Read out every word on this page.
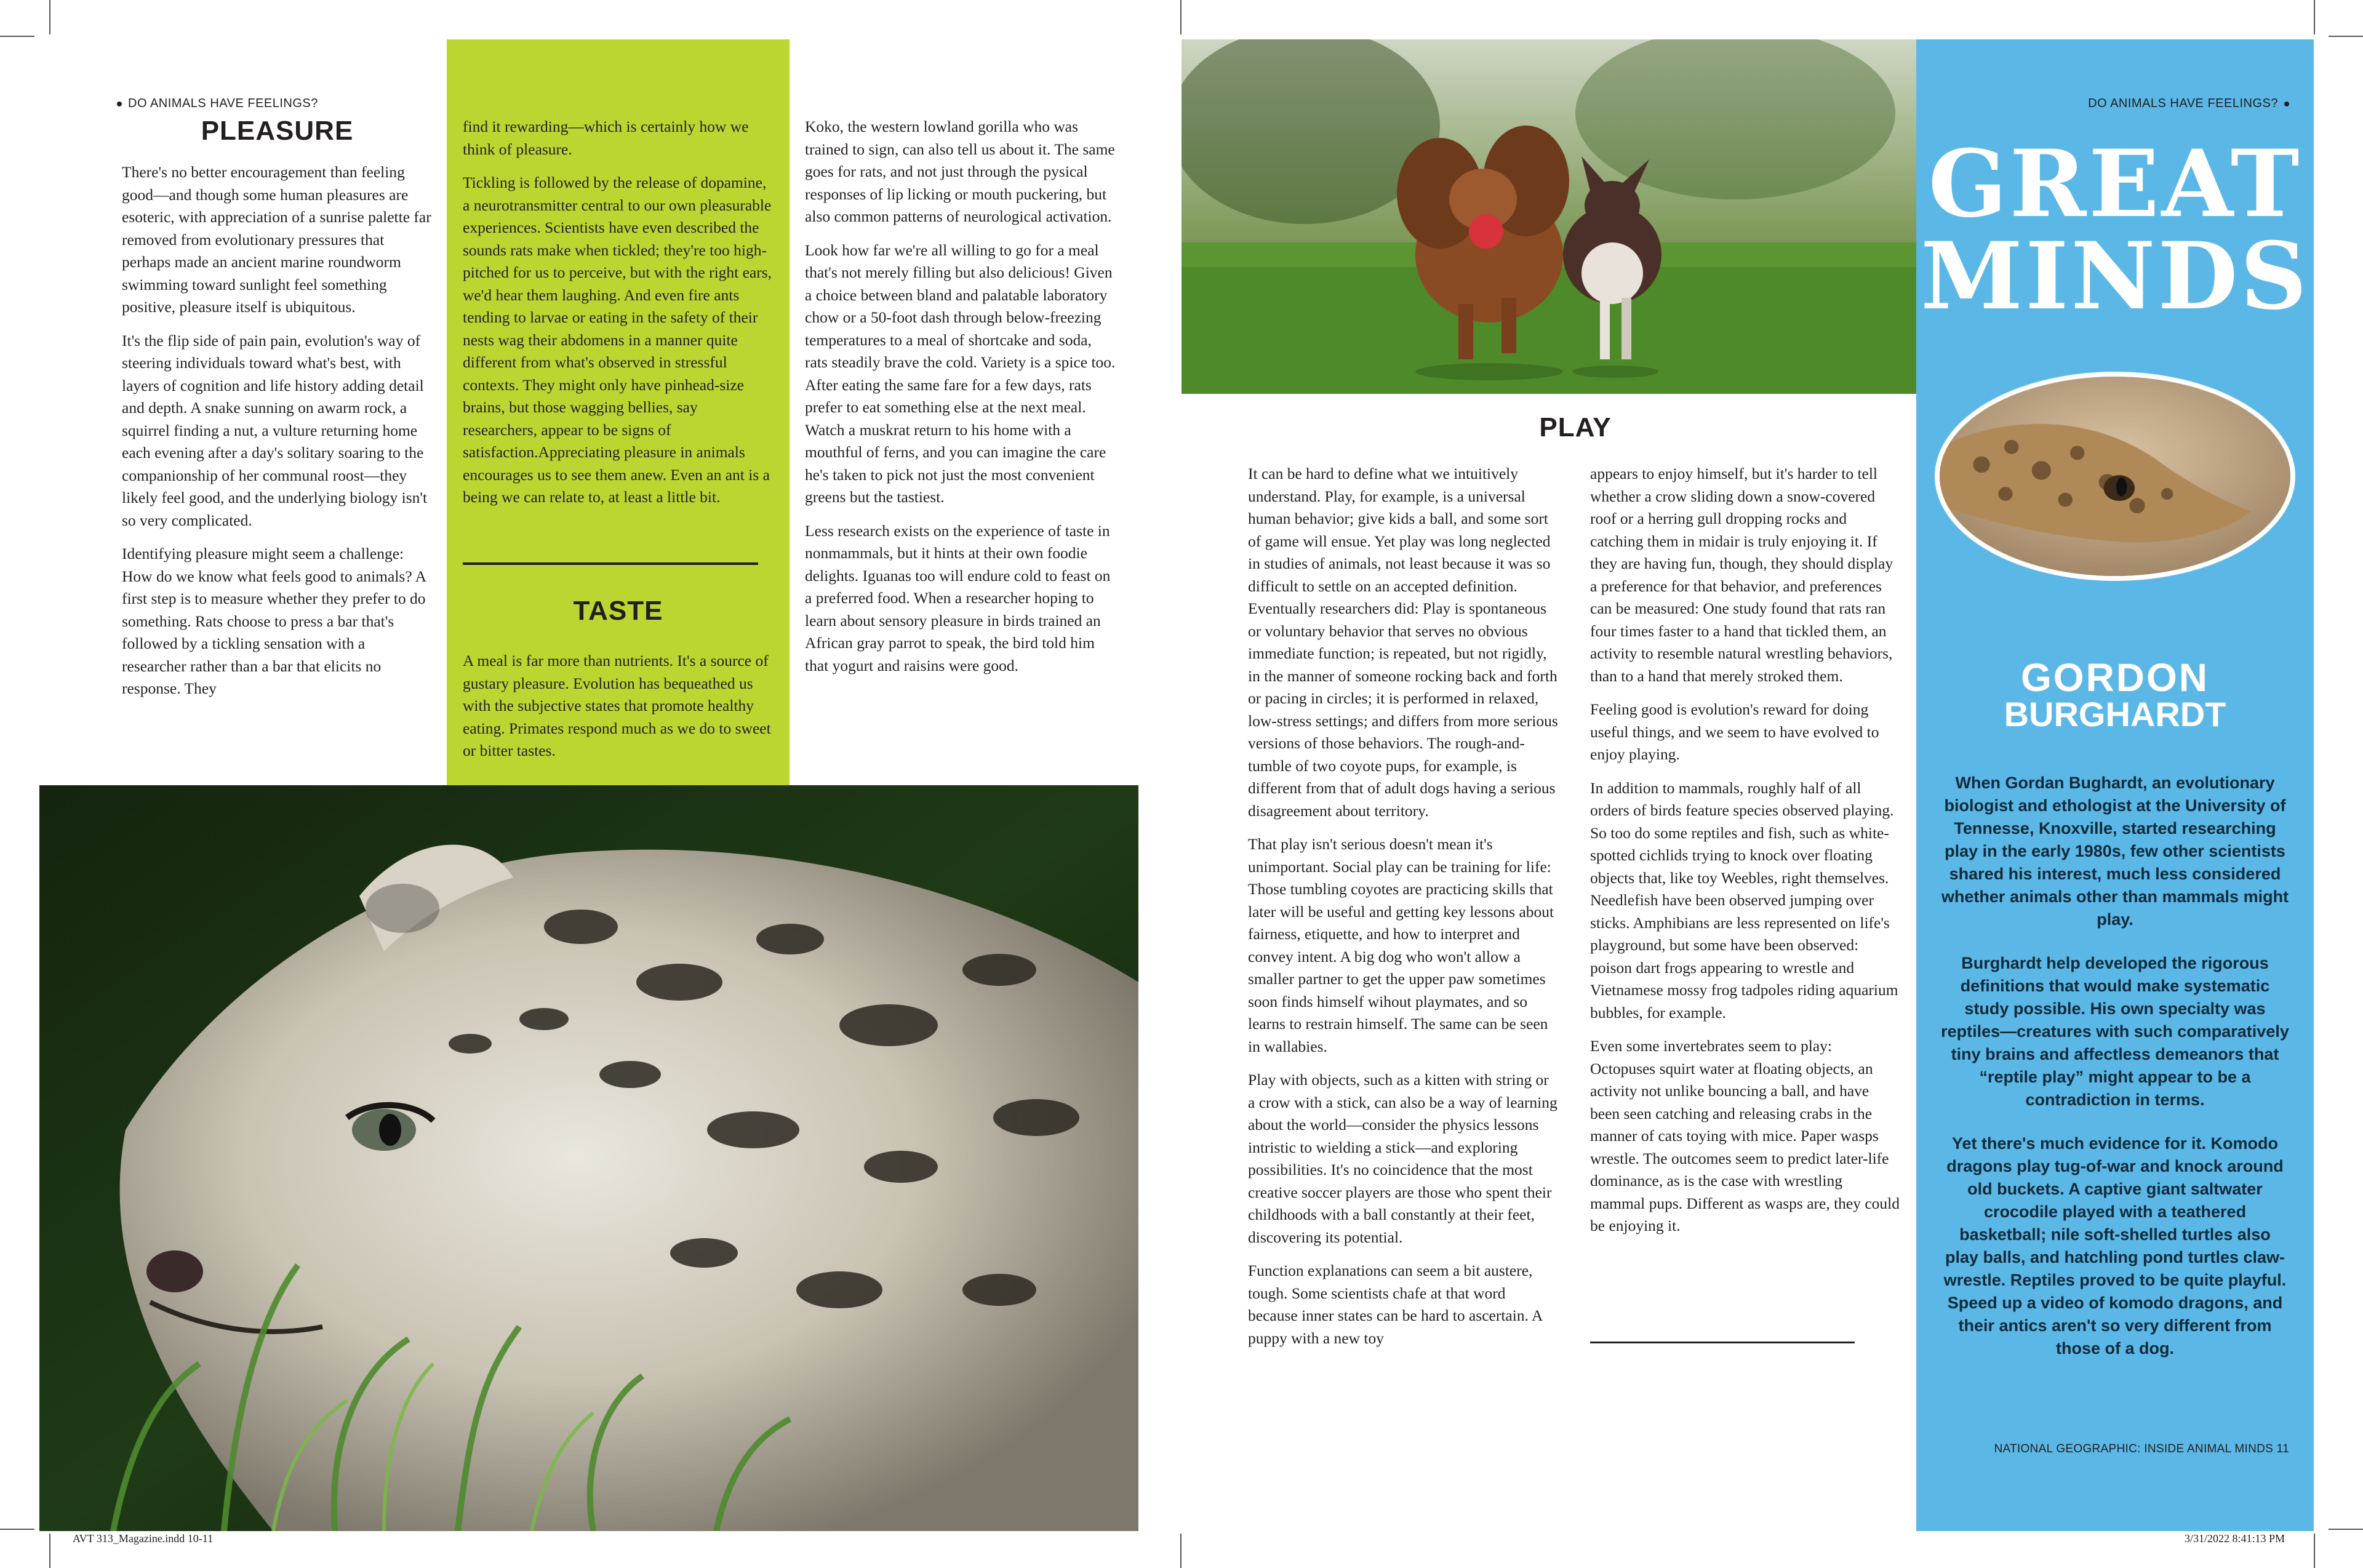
DO ANIMALS HAVE FEELINGS?
PLEASURE

There's no better encouragement than feeling good—and though some human pleasures are esoteric, with appreciation of a sunrise palette far removed from evolutionary pressures that perhaps made an ancient marine roundworm swimming toward sunlight feel something positive, pleasure itself is ubiquitous.

It's the flip side of pain pain, evolution's way of steering individuals toward what's best, with layers of cognition and life history adding detail and depth. A snake sunning on awarm rock, a squirrel finding a nut, a vulture returning home each evening after a day's solitary soaring to the companionship of her communal roost—they likely feel good, and the underlying biology isn't so very complicated.

Identifying pleasure might seem a challenge: How do we know what feels good to animals? A first step is to measure whether they prefer to do something. Rats choose to press a bar that's followed by a tickling sensation with a researcher rather than a bar that elicits no response. They

find it rewarding—which is certainly how we think of pleasure.

Tickling is followed by the release of dopamine, a neurotransmitter central to our own pleasurable experiences. Scientists have even described the sounds rats make when tickled; they're too high-pitched for us to perceive, but with the right ears, we'd hear them laughing. And even fire ants tending to larvae or eating in the safety of their nests wag their abdomens in a manner quite different from what's observed in stressful contexts. They might only have pinhead-size brains, but those wagging bellies, say researchers, appear to be signs of satisfaction.Appreciating pleasure in animals encourages us to see them anew. Even an ant is a being we can relate to, at least a little bit.

TASTE

A meal is far more than nutrients. It's a source of gustary pleasure. Evolution has bequeathed us with the subjective states that promote healthy eating. Primates respond much as we do to sweet or bitter tastes.

Koko, the western lowland gorilla who was trained to sign, can also tell us about it. The same goes for rats, and not just through the pysical responses of lip licking or mouth puckering, but also common patterns of neurological activation.

Look how far we're all willing to go for a meal that's not merely filling but also delicious! Given a choice between bland and palatable laboratory chow or a 50-foot dash through below-freezing temperatures to a meal of shortcake and soda, rats steadily brave the cold. Variety is a spice too. After eating the same fare for a few days, rats prefer to eat something else at the next meal. Watch a muskrat return to his home with a mouthful of ferns, and you can imagine the care he's taken to pick not just the most convenient greens but the tastiest.

Less research exists on the experience of taste in nonmammals, but it hints at their own foodie delights. Iguanas too will endure cold to feast on a preferred food. When a researcher hoping to learn about sensory pleasure in birds trained an African gray parrot to speak, the bird told him that yogurt and raisins were good.

PLAY

It can be hard to define what we intuitively understand. Play, for example, is a universal human behavior; give kids a ball, and some sort of game will ensue. Yet play was long neglected in studies of animals, not least because it was so difficult to settle on an accepted definition. Eventually researchers did: Play is spontaneous or voluntary behavior that serves no obvious immediate function; is repeated, but not rigidly, in the manner of someone rocking back and forth or pacing in circles; it is performed in relaxed, low-stress settings; and differs from more serious versions of those behaviors. The rough-and-tumble of two coyote pups, for example, is different from that of adult dogs having a serious disagreement about territory.

That play isn't serious doesn't mean it's unimportant. Social play can be training for life: Those tumbling coyotes are practicing skills that later will be useful and getting key lessons about fairness, etiquette, and how to interpret and convey intent. A big dog who won't allow a smaller partner to get the upper paw sometimes soon finds himself wihout playmates, and so learns to restrain himself. The same can be seen in wallabies.

Play with objects, such as a kitten with string or a crow with a stick, can also be a way of learning about the world—consider the physics lessons intristic to wielding a stick—and exploring possibilities. It's no coincidence that the most creative soccer players are those who spent their childhoods with a ball constantly at their feet, discovering its potential.

Function explanations can seem a bit austere, tough. Some scientists chafe at that word because inner states can be hard to ascertain. A puppy with a new toy

appears to enjoy himself, but it's harder to tell whether a crow sliding down a snow-covered roof or a herring gull dropping rocks and catching them in midair is truly enjoying it. If they are having fun, though, they should display a preference for that behavior, and preferences can be measured: One study found that rats ran four times faster to a hand that tickled them, an activity to resemble natural wrestling behaviors, than to a hand that merely stroked them.

Feeling good is evolution's reward for doing useful things, and we seem to have evolved to enjoy playing.

In addition to mammals, roughly half of all orders of birds feature species observed playing. So too do some reptiles and fish, such as white-spotted cichlids trying to knock over floating objects that, like toy Weebles, right themselves. Needlefish have been observed jumping over sticks. Amphibians are less represented on life's playground, but some have been observed: poison dart frogs appearing to wrestle and Vietnamese mossy frog tadpoles riding aquarium bubbles, for example.

Even some invertebrates seem to play: Octopuses squirt water at floating objects, an activity not unlike bouncing a ball, and have been seen catching and releasing crabs in the manner of cats toying with mice. Paper wasps wrestle. The outcomes seem to predict later-life dominance, as is the case with wrestling mammal pups. Different as wasps are, they could be enjoying it.

DO ANIMALS HAVE FEELINGS?
GREAT
MINDS
GORDON
BURGHARDT

When Gordan Bughardt, an evolutionary biologist and ethologist at the University of Tennesse, Knoxville, started researching play in the early 1980s, few other scientists shared his interest, much less considered whether animals other than mammals might play.

Burghardt help developed the rigorous definitions that would make systematic study possible. His own specialty was reptiles—creatures with such comparatively tiny brains and affectless demeanors that “reptile play” might appear to be a contradiction in terms.

Yet there's much evidence for it. Komodo dragons play tug-of-war and knock around old buckets. A captive giant saltwater crocodile played with a teathered basketball; nile soft-shelled turtles also play balls, and hatchling pond turtles claw-wrestle. Reptiles proved to be quite playful. Speed up a video of komodo dragons, and their antics aren't so very different from those of a dog.

NATIONAL GEOGRAPHIC: INSIDE ANIMAL MINDS 11
AVT 313_Magazine.indd 10-11	3/31/2022 8:41:13 PM
